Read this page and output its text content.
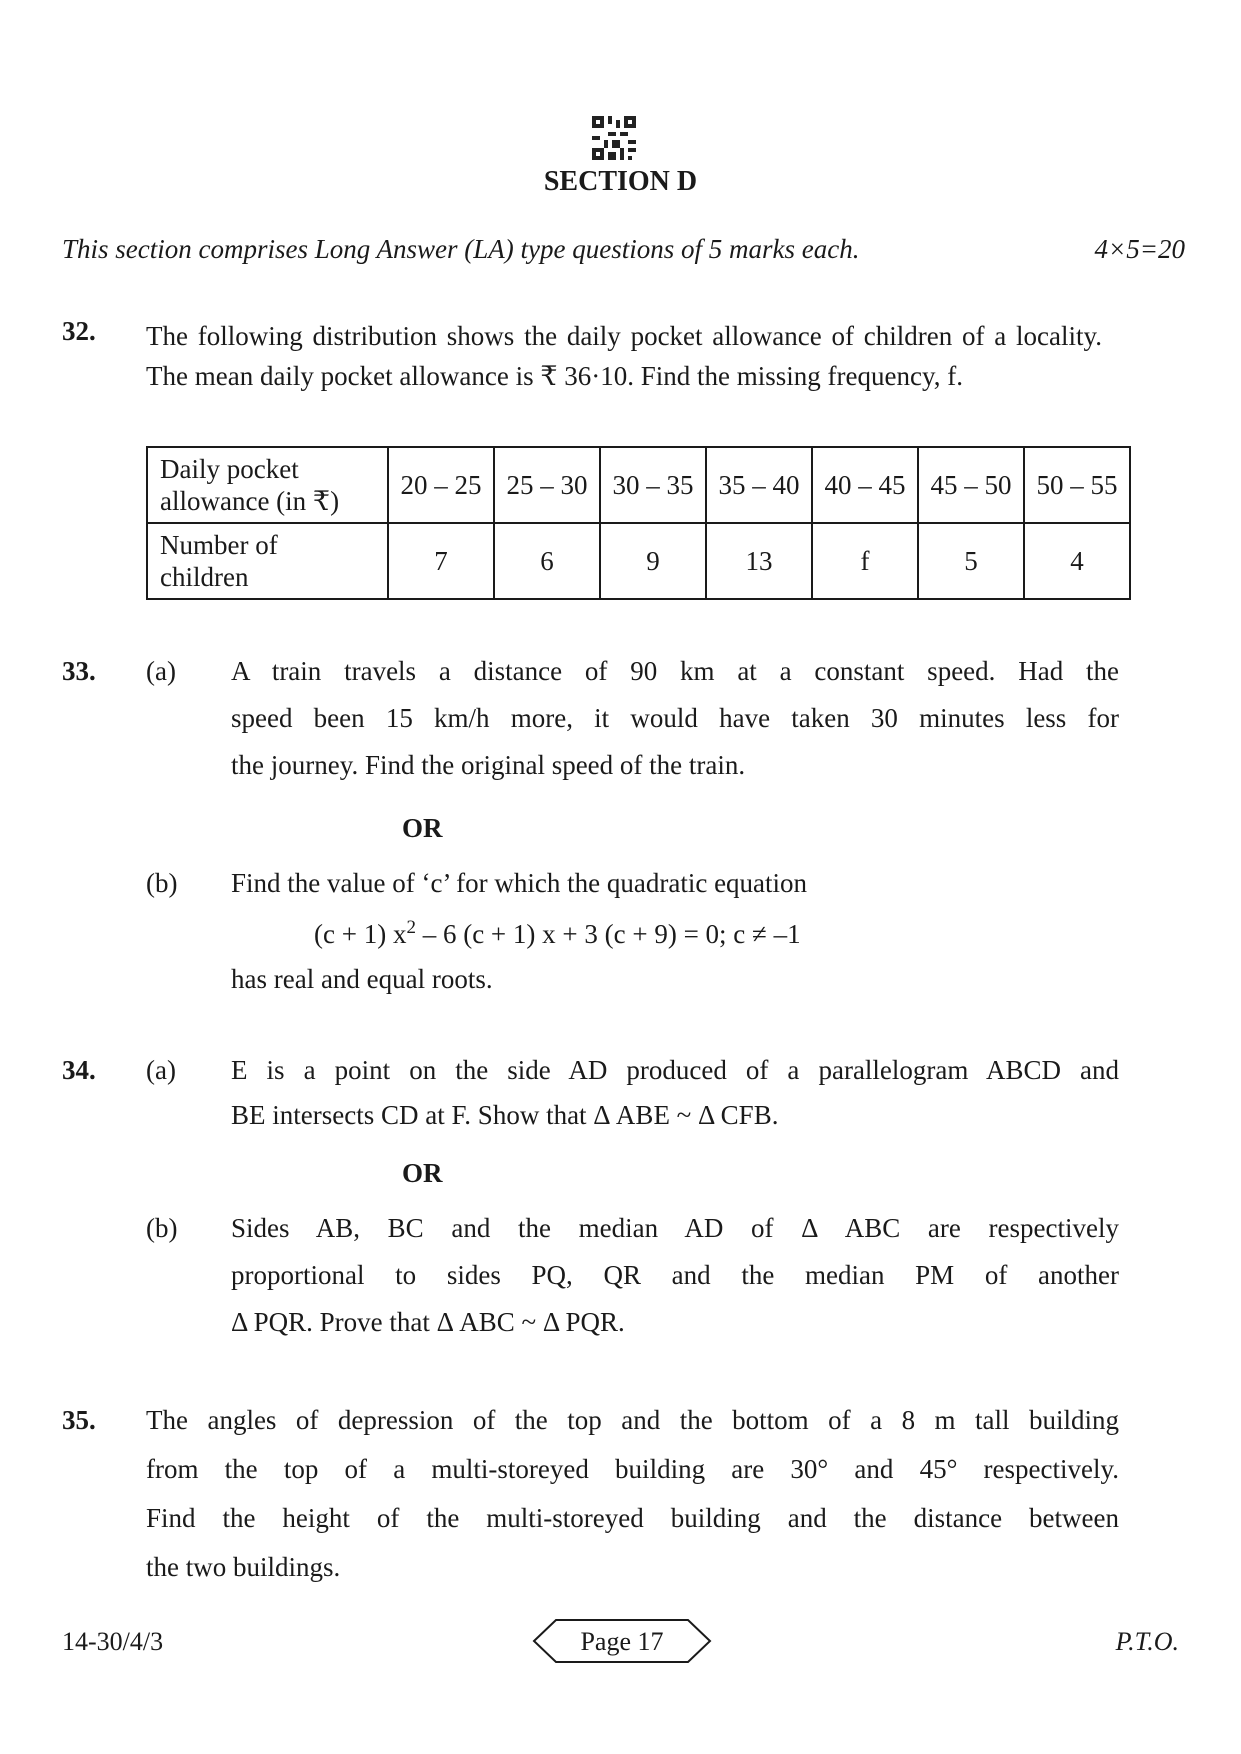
SECTION D
This section comprises Long Answer (LA) type questions of 5 marks each.	4×5=20
32. The following distribution shows the daily pocket allowance of children of a locality. The mean daily pocket allowance is ₹ 36·10. Find the missing frequency, f.
Daily pocket
allowance (in ₹)	20 – 25	25 – 30	30 – 35	35 – 40	40 – 45	45 – 50	50 – 55

Number of
children	7	6	9	13	f	5	4
33. (a) A train travels a distance of 90 km at a constant speed. Had the
speed been 15 km/h more, it would have taken 30 minutes less for
the journey. Find the original speed of the train.
OR
(b) Find the value of ‘c’ for which the quadratic equation
(c + 1) $x^2 - 6$ (c + 1) x + 3 (c + 9) = 0; c ≠ –1
has real and equal roots.
34. (a) E is a point on the side AD produced of a parallelogram ABCD and
BE intersects CD at F. Show that Δ ABE ~ Δ CFB.
OR
(b) Sides AB, BC and the median AD of Δ ABC are respectively
proportional to sides PQ, QR and the median PM of another
Δ PQR. Prove that Δ ABC ~ Δ PQR.
35. The angles of depression of the top and the bottom of a 8 m tall building
from the top of a multi-storeyed building are 30° and 45° respectively.
Find the height of the multi-storeyed building and the distance between
the two buildings.
14-30/4/3	Page 17	P.T.O.
